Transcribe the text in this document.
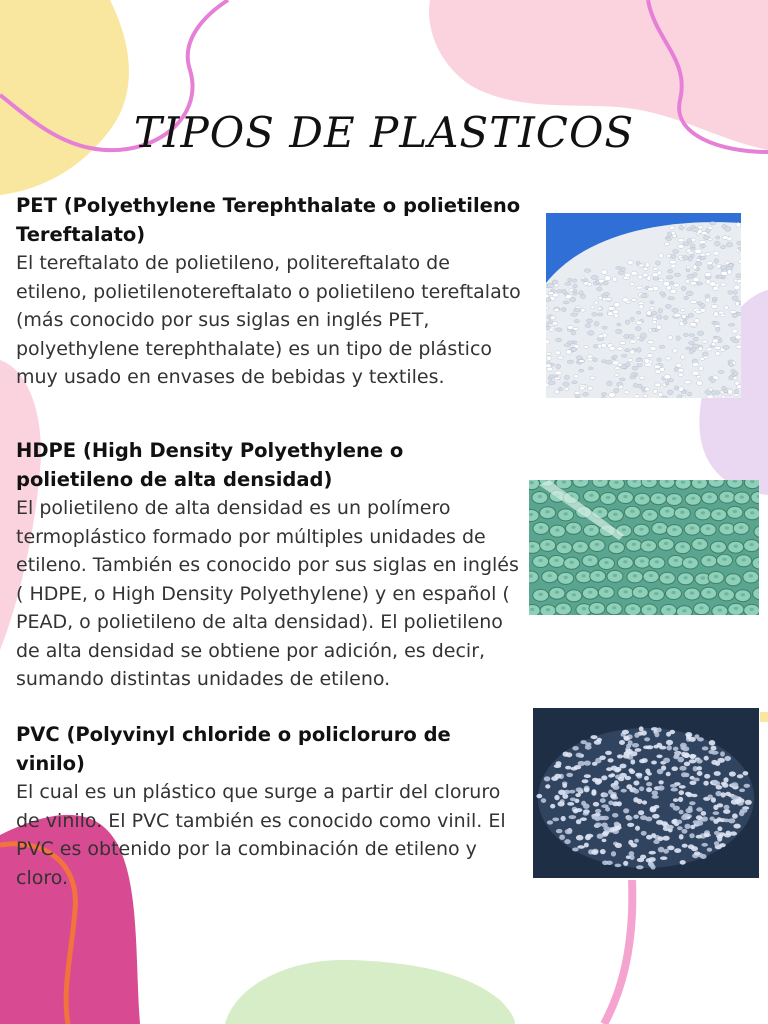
TIPOS DE PLASTICOS
PET (Polyethylene Terephthalate o polietileno Tereftalato)

El tereftalato de polietileno, politereftalato de etileno, polietilenotereftalato o polietileno tereftalato (más conocido por sus siglas en inglés PET, polyethylene terephthalate) es un tipo de plástico muy usado en envases de bebidas y textiles.

HDPE (High Density Polyethylene o polietileno de alta densidad)

El polietileno de alta densidad es un polímero termoplástico formado por múltiples unidades de etileno. También es conocido por sus siglas en inglés ( HDPE, o High Density Polyethylene) y en español ( PEAD, o polietileno de alta densidad). El polietileno de alta densidad se obtiene por adición, es decir, sumando distintas unidades de etileno.

PVC (Polyvinyl chloride o policloruro de vinilo)

El cual es un plástico que surge a partir del cloruro de vinilo. El PVC también es conocido como vinil. El PVC es obtenido por la combinación de etileno y cloro.
